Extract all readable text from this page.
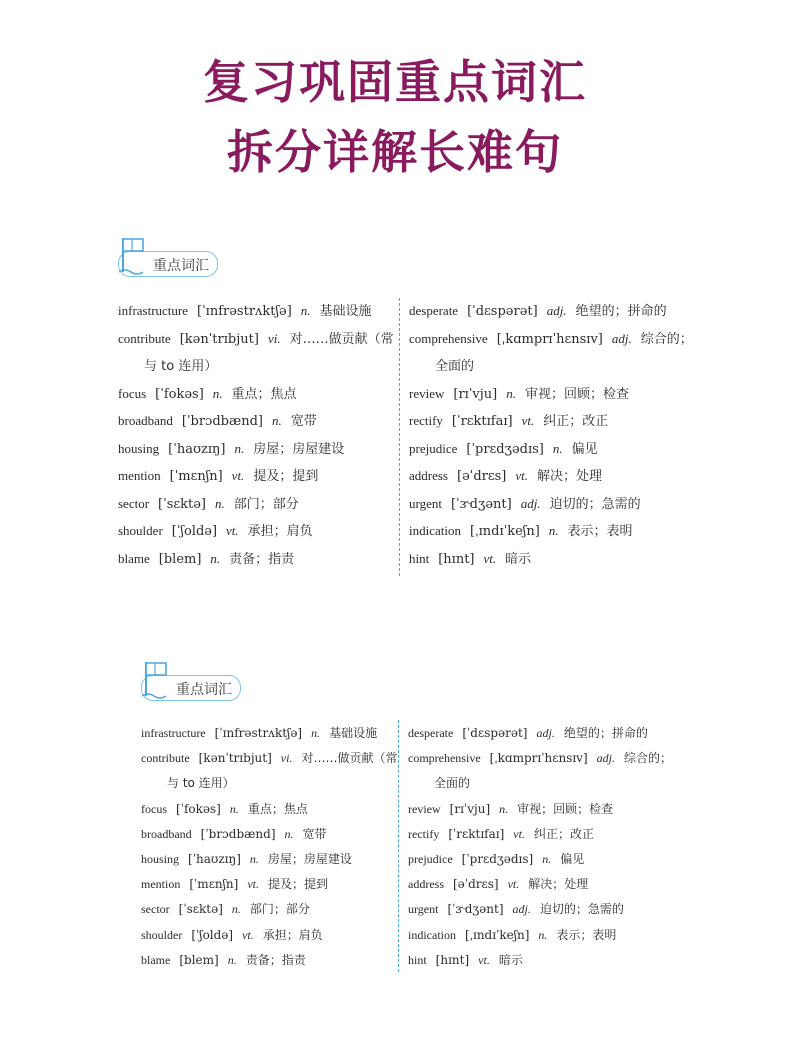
复习巩固重点词汇
拆分详解长难句
重点词汇
infrastructure [ˈɪnfrəstrʌktʃə] n. 基础设施
contribute [kənˈtrɪbjut] vi. 对……做贡献（常
与 to 连用）
focus [ˈfokəs] n. 重点；焦点
broadband [ˈbrɔdbænd] n. 宽带
housing [ˈhaʊzɪŋ] n. 房屋；房屋建设
mention [ˈmɛnʃn] vt. 提及；提到
sector [ˈsɛktə] n. 部门；部分
shoulder [ˈʃoldə] vt. 承担；肩负
blame [blem] n. 责备；指责
desperate [ˈdɛspərət] adj. 绝望的；拼命的
comprehensive [ˌkɑmprɪˈhɛnsɪv] adj. 综合的；
全面的
review [rɪˈvju] n. 审视；回顾；检查
rectify [ˈrɛktɪfaɪ] vt. 纠正；改正
prejudice [ˈprɛdʒədɪs] n. 偏见
address [əˈdrɛs] vt. 解决；处理
urgent [ˈɝdʒənt] adj. 迫切的；急需的
indication [ˌɪndɪˈkeʃn] n. 表示；表明
hint [hɪnt] vt. 暗示
重点词汇
infrastructure [ˈɪnfrəstrʌktʃə] n. 基础设施
contribute [kənˈtrɪbjut] vi. 对……做贡献（常
与 to 连用）
focus [ˈfokəs] n. 重点；焦点
broadband [ˈbrɔdbænd] n. 宽带
housing [ˈhaʊzɪŋ] n. 房屋；房屋建设
mention [ˈmɛnʃn] vt. 提及；提到
sector [ˈsɛktə] n. 部门；部分
shoulder [ˈʃoldə] vt. 承担；肩负
blame [blem] n. 责备；指责
desperate [ˈdɛspərət] adj. 绝望的；拼命的
comprehensive [ˌkɑmprɪˈhɛnsɪv] adj. 综合的；
全面的
review [rɪˈvju] n. 审视；回顾；检查
rectify [ˈrɛktɪfaɪ] vt. 纠正；改正
prejudice [ˈprɛdʒədɪs] n. 偏见
address [əˈdrɛs] vt. 解决；处理
urgent [ˈɝdʒənt] adj. 迫切的；急需的
indication [ˌɪndɪˈkeʃn] n. 表示；表明
hint [hɪnt] vt. 暗示
